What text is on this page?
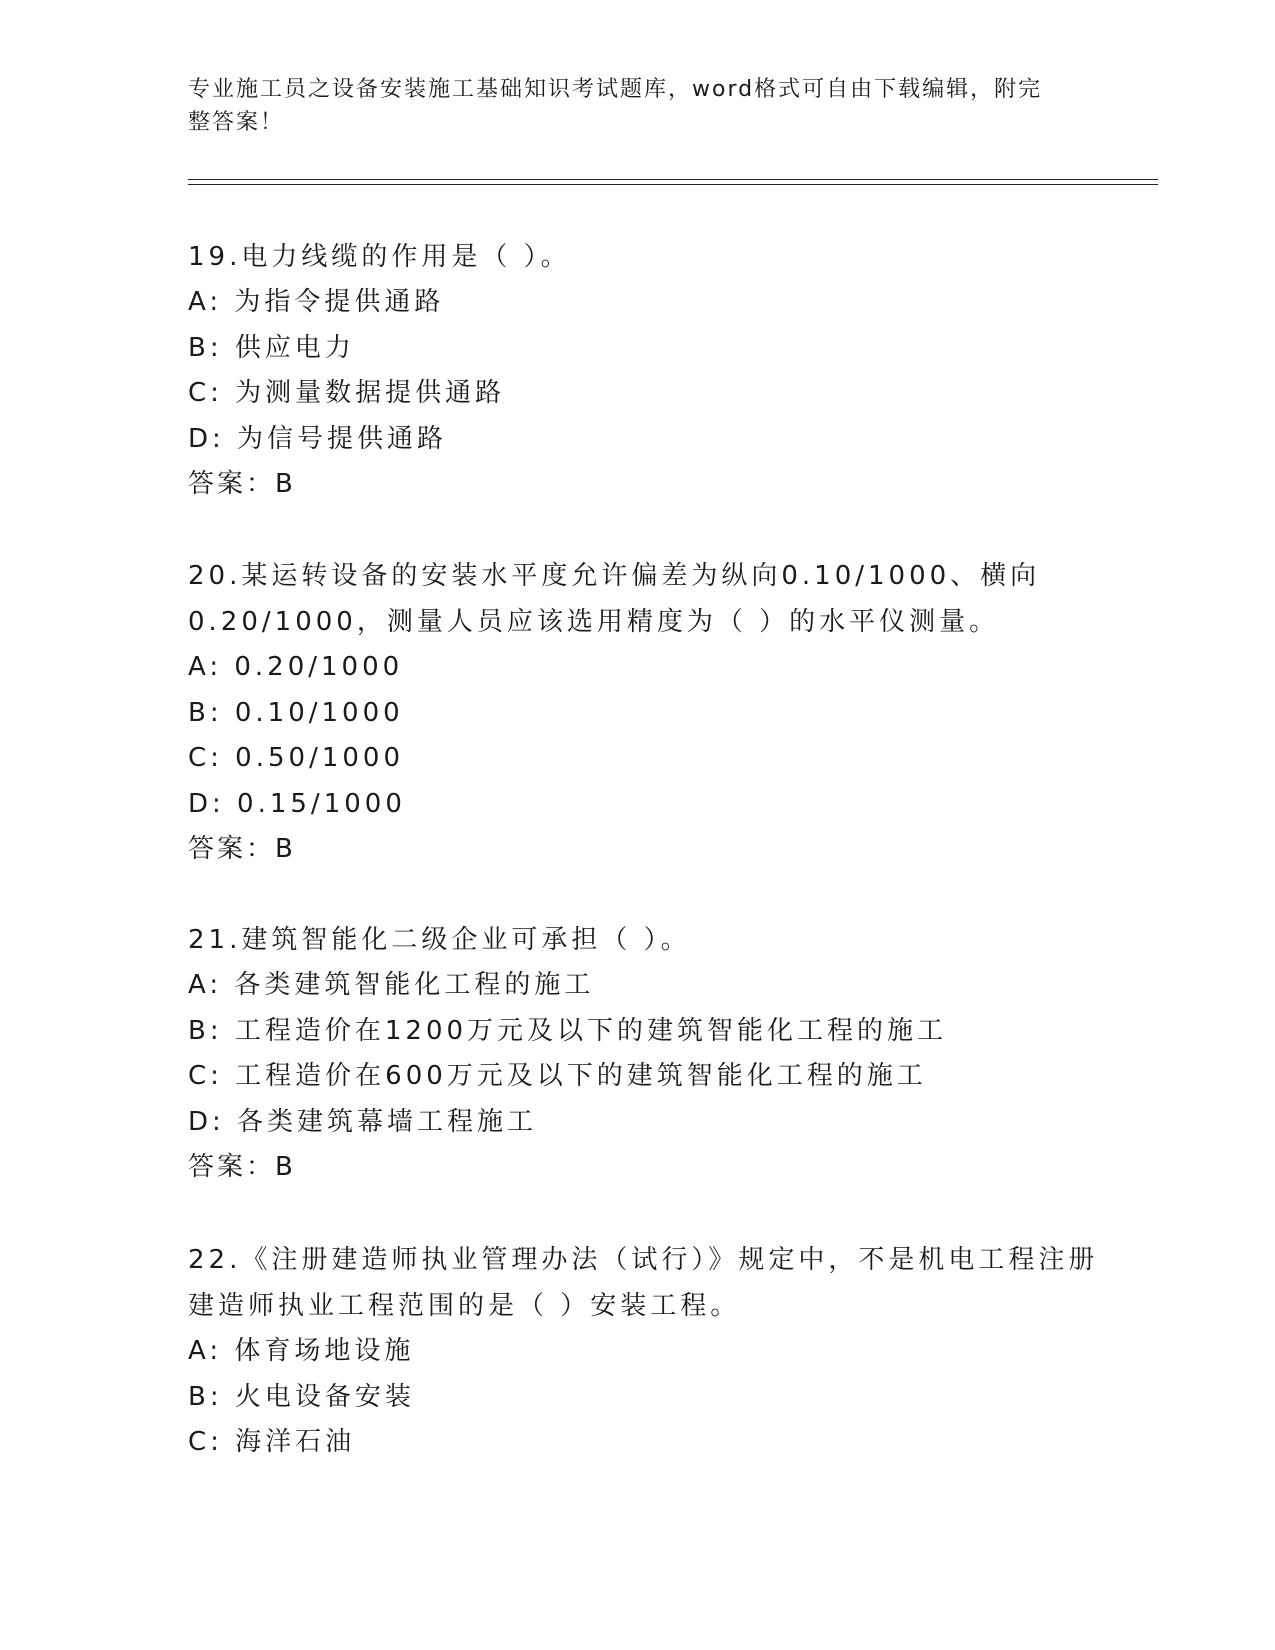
专业施工员之设备安装施工基础知识考试题库，word格式可自由下载编辑，附完
整答案！
19.电力线缆的作用是（ ）。
A: 为指令提供通路
B: 供应电力
C: 为测量数据提供通路
D: 为信号提供通路
答案：B
20.某运转设备的安装水平度允许偏差为纵向0.10/1000、横向
0.20/1000，测量人员应该选用精度为（ ）的水平仪测量。
A: 0.20/1000
B: 0.10/1000
C: 0.50/1000
D: 0.15/1000
答案：B
21.建筑智能化二级企业可承担（ ）。
A: 各类建筑智能化工程的施工
B: 工程造价在1200万元及以下的建筑智能化工程的施工
C: 工程造价在600万元及以下的建筑智能化工程的施工
D: 各类建筑幕墙工程施工
答案：B
22.《注册建造师执业管理办法（试行）》规定中，不是机电工程注册
建造师执业工程范围的是（ ）安装工程。
A: 体育场地设施
B: 火电设备安装
C: 海洋石油
